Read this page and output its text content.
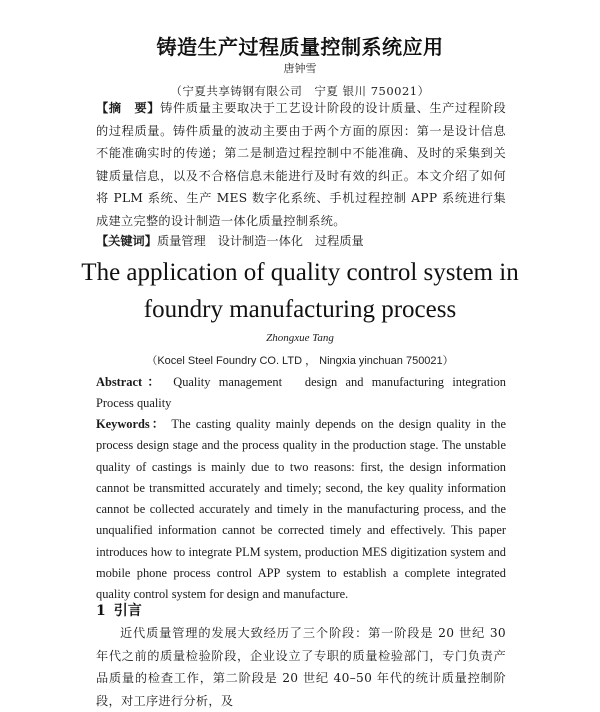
铸造生产过程质量控制系统应用
唐钟雪
（宁夏共享铸钢有限公司　宁夏 银川 750021）
【摘　要】铸件质量主要取决于工艺设计阶段的设计质量、生产过程阶段的过程质量。铸件质量的波动主要由于两个方面的原因：第一是设计信息不能准确实时的传递；第二是制造过程控制中不能准确、及时的采集到关键质量信息，以及不合格信息未能进行及时有效的纠正。本文介绍了如何将 PLM 系统、生产 MES 数字化系统、手机过程控制 APP 系统进行集成建立完整的设计制造一体化质量控制系统。
【关键词】质量管理 设计制造一体化 过程质量
The application of quality control system in
foundry manufacturing process
Zhongxue Tang
（Kocel Steel Foundry CO. LTD ， Ningxia yinchuan 750021）
Abstract： Quality management　design and manufacturing integration　Process quality
Keywords： The casting quality mainly depends on the design quality in the process design stage and the process quality in the production stage. The unstable quality of castings is mainly due to two reasons: first, the design information cannot be transmitted accurately and timely; second, the key quality information cannot be collected accurately and timely in the manufacturing process, and the unqualified information cannot be corrected timely and effectively. This paper introduces how to integrate PLM system, production MES digitization system and mobile phone process control APP system to establish a complete integrated quality control system for design and manufacture.
1 引言
近代质量管理的发展大致经历了三个阶段：第一阶段是 20 世纪 30 年代之前的质量检验阶段，企业设立了专职的质量检验部门，专门负责产品质量的检查工作，第二阶段是 20 世纪 40–50 年代的统计质量控制阶段，对工序进行分析，及
